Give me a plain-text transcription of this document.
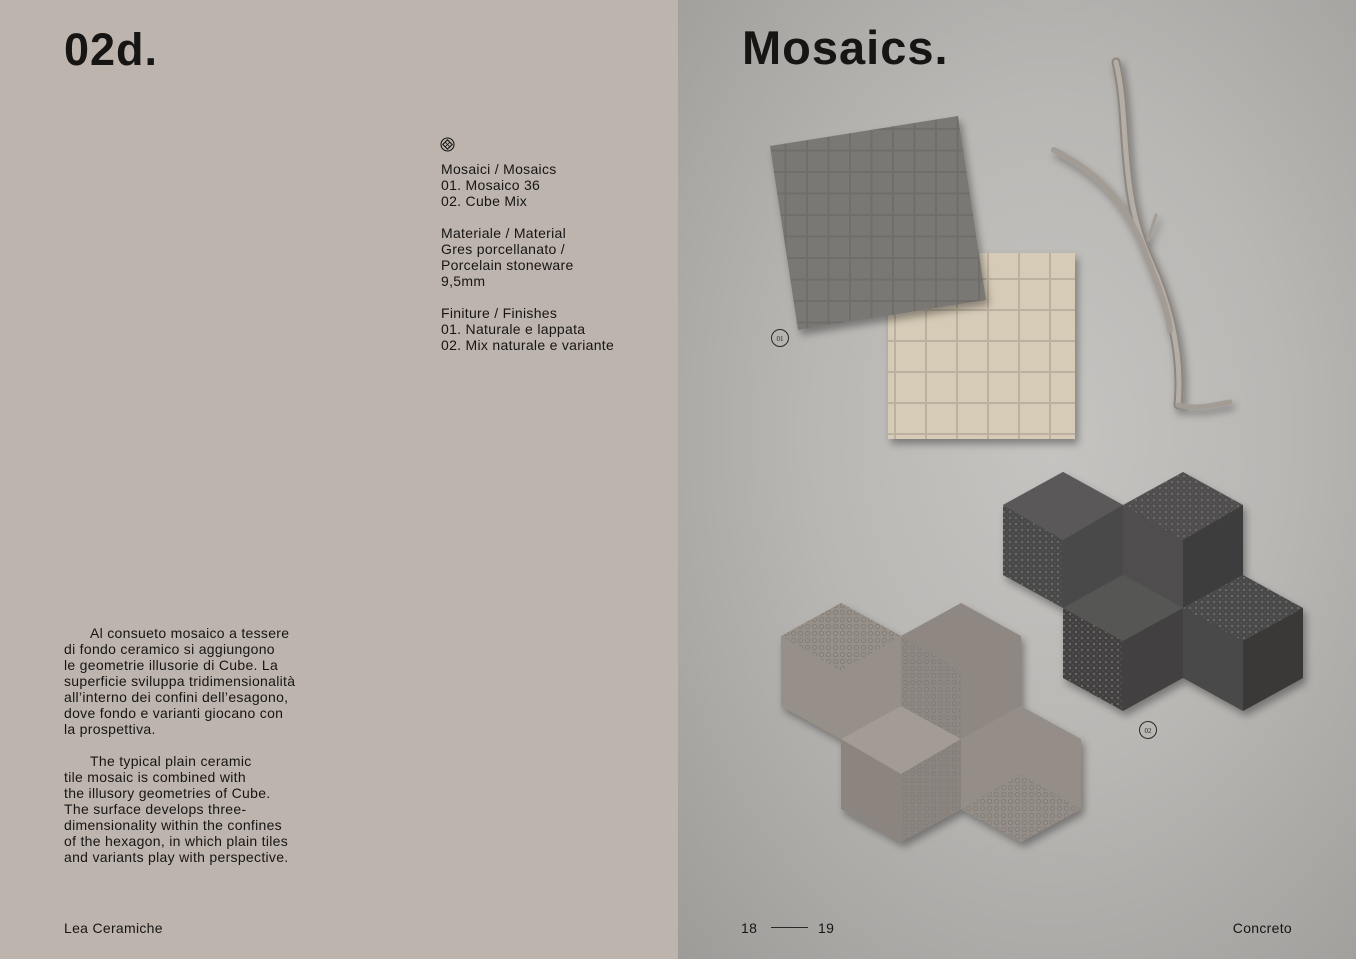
02d.
Mosaici / Mosaics
01. Mosaico 36
02. Cube Mix
Materiale / Material
Gres porcellanato /
Porcelain stoneware
9,5mm
Finiture / Finishes
01. Naturale e lappata
02. Mix naturale e variante

Al consueto mosaico a tessere
di fondo ceramico si aggiungono
le geometrie illusorie di Cube. La
superficie sviluppa tridimensionalità
all’interno dei confini dell’esagono,
dove fondo e varianti giocano con
la prospettiva.

The typical plain ceramic
tile mosaic is combined with
the illusory geometries of Cube.
The surface develops three-
dimensionality within the confines
of the hexagon, in which plain tiles
and variants play with perspective.

Lea Ceramiche
Mosaics.
01
02
18	19	Concreto
